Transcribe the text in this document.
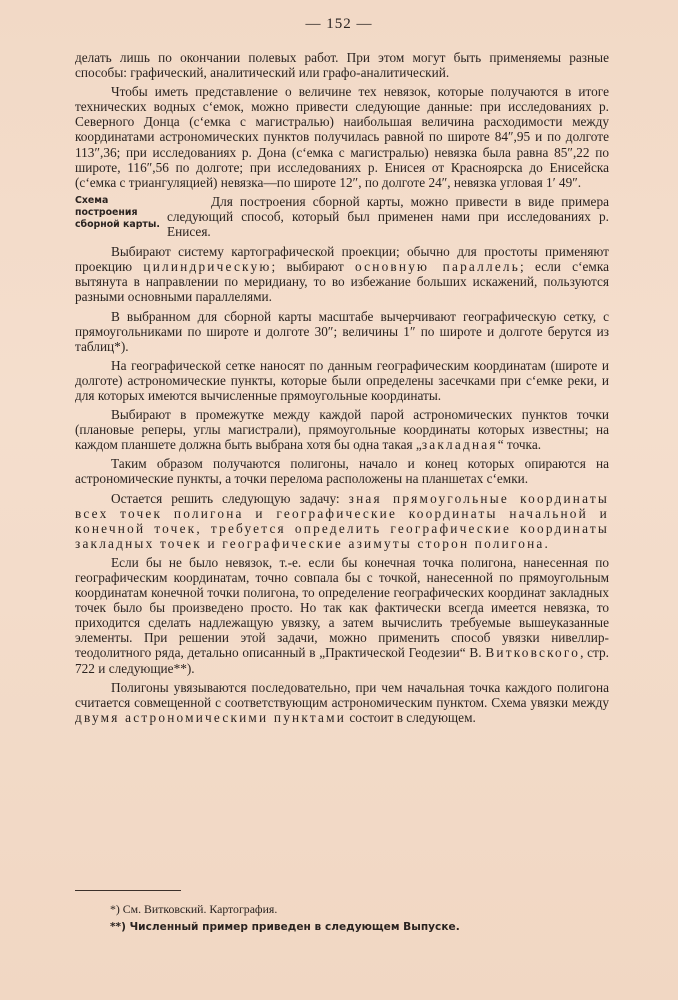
— 152 —

делать лишь по окончании полевых работ. При этом могут быть применяемы разные способы: графический, аналитический или графо-аналитический.

Чтобы иметь представление о величине тех невязок, которые получаются в итоге технических водных с‘емок, можно привести следующие данные: при исследованиях р. Северного Донца (с‘емка с магистралью) наибольшая величина расходимости между координатами астрономических пунктов получилась равной по широте 84″,95 и по долготе 113″,36; при исследованиях р. Дона (с‘емка с магистралью) невязка была равна 85″,22 по широте, 116″,56 по долготе; при исследованиях р. Енисея от Красноярска до Енисейска (с‘емка с триангуляцией) невязка—по широте 12″, по долготе 24″, невязка угловая 1′ 49″.

Схема построения сборной карты.

Для построения сборной карты, можно привести в виде примера следующий способ, который был применен нами при исследованиях р. Енисея.

Выбирают систему картографической проекции; обычно для простоты применяют проекцию цилиндрическую; выбирают основную параллель; если с‘емка вытянута в направлении по меридиану, то во избежание больших искажений, пользуются разными основными параллелями.

В выбранном для сборной карты масштабе вычерчивают географическую сетку, с прямоугольниками по широте и долготе 30″; величины 1″ по широте и долготе берутся из таблиц*).

На географической сетке наносят по данным географическим координатам (широте и долготе) астрономические пункты, которые были определены засечками при с‘емке реки, и для которых имеются вычисленные прямоугольные координаты.

Выбирают в промежутке между каждой парой астрономических пунктов точки (плановые реперы, углы магистрали), прямоугольные координаты которых известны; на каждом планшете должна быть выбрана хотя бы одна такая „закладная“ точка.

Таким образом получаются полигоны, начало и конец которых опираются на астрономические пункты, а точки перелома расположены на планшетах с‘емки.

Остается решить следующую задачу: зная прямоугольные координаты всех точек полигона и географические координаты начальной и конечной точек, требуется определить географические координаты закладных точек и географические азимуты сторон полигона.

Если бы не было невязок, т.-е. если бы конечная точка полигона, нанесенная по географическим координатам, точно совпала бы с точкой, нанесенной по прямоугольным координатам конечной точки полигона, то определение географических координат закладных точек было бы произведено просто. Но так как фактически всегда имеется невязка, то приходится сделать надлежащую увязку, а затем вычислить требуемые вышеуказанные элементы. При решении этой задачи, можно применить способ увязки нивеллир-теодолитного ряда, детально описанный в „Практической Геодезии“ В. Витковского, стр. 722 и следующие**).

Полигоны увязываются последовательно, при чем начальная точка каждого полигона считается совмещенной с соответствующим астрономическим пунктом. Схема увязки между двумя астрономическими пунктами состоит в следующем.

*) См. Витковский. Картография.
**) Численный пример приведен в следующем Выпуске.
